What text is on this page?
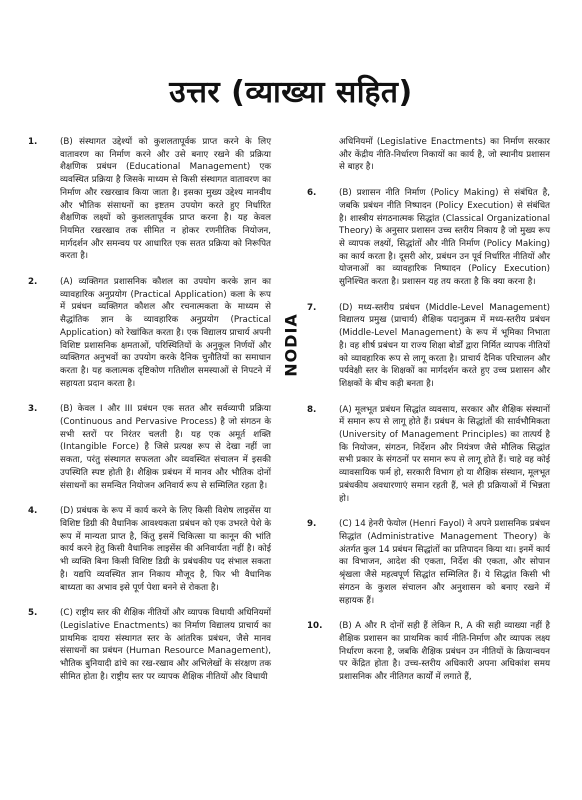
उत्तर (व्याख्या सहित)
1.	(B) संस्थागत उद्देश्यों को कुशलतापूर्वक प्राप्त करने के लिए वातावरण का निर्माण करने और उसे बनाए रखने की प्रक्रिया शैक्षणिक प्रबंधन (Educational Management) एक व्यवस्थित प्रक्रिया है जिसके माध्यम से किसी संस्थागत वातावरण का निर्माण और रखरखाव किया जाता है। इसका मुख्य उद्देश्य मानवीय और भौतिक संसाधनों का इष्टतम उपयोग करते हुए निर्धारित शैक्षणिक लक्ष्यों को कुशलतापूर्वक प्राप्त करना है। यह केवल नियमित रखरखाव तक सीमित न होकर रणनीतिक नियोजन, मार्गदर्शन और समन्वय पर आधारित एक सतत प्रक्रिया को निरूपित करता है।
2.	(A) व्यक्तिगत प्रशासनिक कौशल का उपयोग करके ज्ञान का व्यावहारिक अनुप्रयोग (Practical Application) कला के रूप में प्रबंधन व्यक्तिगत कौशल और रचनात्मकता के माध्यम से सैद्धांतिक ज्ञान के व्यावहारिक अनुप्रयोग (Practical Application) को रेखांकित करता है। एक विद्यालय प्राचार्य अपनी विशिष्ट प्रशासनिक क्षमताओं, परिस्थितियों के अनुकूल निर्णयों और व्यक्तिगत अनुभवों का उपयोग करके दैनिक चुनौतियों का समाधान करता है। यह कलात्मक दृष्टिकोण गतिशील समस्याओं से निपटने में सहायता प्रदान करता है।
3.	(B) केवल I और III प्रबंधन एक सतत और सर्वव्यापी प्रक्रिया (Continuous and Pervasive Process) है जो संगठन के सभी स्तरों पर निरंतर चलती है। यह एक अमूर्त शक्ति (Intangible Force) है जिसे प्रत्यक्ष रूप से देखा नहीं जा सकता, परंतु संस्थागत सफलता और व्यवस्थित संचालन में इसकी उपस्थिति स्पष्ट होती है। शैक्षिक प्रबंधन में मानव और भौतिक दोनों संसाधनों का समन्वित नियोजन अनिवार्य रूप से सम्मिलित रहता है।
4.	(D) प्रबंधक के रूप में कार्य करने के लिए किसी विशेष लाइसेंस या विशिष्ट डिग्री की वैधानिक आवश्यकता प्रबंधन को एक उभरते पेशे के रूप में मान्यता प्राप्त है, किंतु इसमें चिकित्सा या कानून की भांति कार्य करने हेतु किसी वैधानिक लाइसेंस की अनिवार्यता नहीं है। कोई भी व्यक्ति बिना किसी विशिष्ट डिग्री के प्रबंधकीय पद संभाल सकता है। यद्यपि व्यवस्थित ज्ञान निकाय मौजूद है, फिर भी वैधानिक बाध्यता का अभाव इसे पूर्ण पेशा बनने से रोकता है।
5.	(C) राष्ट्रीय स्तर की शैक्षिक नीतियों और व्यापक विधायी अधिनियमों (Legislative Enactments) का निर्माण विद्यालय प्राचार्य का प्राथमिक दायरा संस्थागत स्तर के आंतरिक प्रबंधन, जैसे मानव संसाधनों का प्रबंधन (Human Resource Management), भौतिक बुनियादी ढांचे का रख-रखाव और अभिलेखों के संरक्षण तक सीमित होता है। राष्ट्रीय स्तर पर व्यापक शैक्षिक नीतियों और विधायी
NODIA
अधिनियमों (Legislative Enactments) का निर्माण सरकार और केंद्रीय नीति-निर्धारण निकायों का कार्य है, जो स्थानीय प्रशासन से बाहर है।
6.	(B) प्रशासन नीति निर्माण (Policy Making) से संबंधित है, जबकि प्रबंधन नीति निष्पादन (Policy Execution) से संबंधित है। शास्त्रीय संगठनात्मक सिद्धांत (Classical Organizational Theory) के अनुसार प्रशासन उच्च स्तरीय निकाय है जो मुख्य रूप से व्यापक लक्ष्यों, सिद्धांतों और नीति निर्माण (Policy Making) का कार्य करता है। दूसरी ओर, प्रबंधन उन पूर्व निर्धारित नीतियों और योजनाओं का व्यावहारिक निष्पादन (Policy Execution) सुनिश्चित करता है। प्रशासन यह तय करता है कि क्या करना है।
7.	(D) मध्य-स्तरीय प्रबंधन (Middle-Level Management) विद्यालय प्रमुख (प्राचार्य) शैक्षिक पदानुक्रम में मध्य-स्तरीय प्रबंधन (Middle-Level Management) के रूप में भूमिका निभाता है। वह शीर्ष प्रबंधन या राज्य शिक्षा बोर्डों द्वारा निर्मित व्यापक नीतियों को व्यावहारिक रूप से लागू करता है। प्राचार्य दैनिक परिचालन और पर्यवेक्षी स्तर के शिक्षकों का मार्गदर्शन करते हुए उच्च प्रशासन और शिक्षकों के बीच कड़ी बनता है।
8.	(A) मूलभूत प्रबंधन सिद्धांत व्यवसाय, सरकार और शैक्षिक संस्थानों में समान रूप से लागू होते हैं। प्रबंधन के सिद्धांतों की सार्वभौमिकता (University of Management Principles) का तात्पर्य है कि नियोजन, संगठन, निर्देशन और नियंत्रण जैसे मौलिक सिद्धांत सभी प्रकार के संगठनों पर समान रूप से लागू होते हैं। चाहे वह कोई व्यावसायिक फर्म हो, सरकारी विभाग हो या शैक्षिक संस्थान, मूलभूत प्रबंधकीय अवधारणाएं समान रहती हैं, भले ही प्रक्रियाओं में भिन्नता हो।
9.	(C) 14 हेनरी फेयोल (Henri Fayol) ने अपने प्रशासनिक प्रबंधन सिद्धांत (Administrative Management Theory) के अंतर्गत कुल 14 प्रबंधन सिद्धांतों का प्रतिपादन किया था। इनमें कार्य का विभाजन, आदेश की एकता, निर्देश की एकता, और सोपान श्रृंखला जैसे महत्वपूर्ण सिद्धांत सम्मिलित हैं। ये सिद्धांत किसी भी संगठन के कुशल संचालन और अनुशासन को बनाए रखने में सहायक हैं।
10. (B) A और R दोनों सही हैं लेकिन R, A की सही व्याख्या नहीं है शैक्षिक प्रशासन का प्राथमिक कार्य नीति-निर्माण और व्यापक लक्ष्य निर्धारण करना है, जबकि शैक्षिक प्रबंधन उन नीतियों के क्रियान्वयन पर केंद्रित होता है। उच्च-स्तरीय अधिकारी अपना अधिकांश समय प्रशासनिक और नीतिगत कार्यों में लगाते हैं,
